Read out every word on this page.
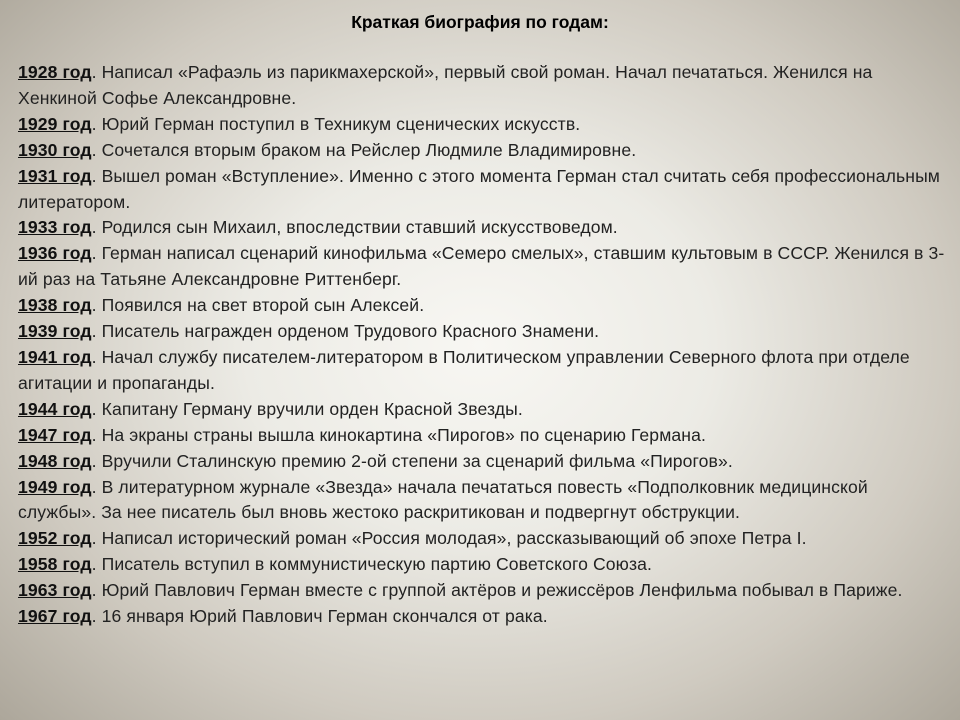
Краткая биография по годам:
1928 год. Написал «Рафаэль из парикмахерской», первый свой роман. Начал печататься. Женился на Хенкиной Софье Александровне.
1929 год. Юрий Герман поступил в Техникум сценических искусств.
1930 год. Сочетался вторым браком на Рейслер Людмиле Владимировне.
1931 год. Вышел роман «Вступление». Именно с этого момента Герман стал считать себя профессиональным литератором.
1933 год. Родился сын Михаил, впоследствии ставший искусствоведом.
1936 год. Герман написал сценарий кинофильма «Семеро смелых», ставшим культовым в СССР. Женился в 3-ий раз на Татьяне Александровне Риттенберг.
1938 год. Появился на свет второй сын Алексей.
1939 год. Писатель награжден орденом Трудового Красного Знамени.
1941 год. Начал службу писателем-литератором в Политическом управлении Северного флота при отделе агитации и пропаганды.
1944 год. Капитану Герману вручили орден Красной Звезды.
1947 год. На экраны страны вышла кинокартина «Пирогов» по сценарию Германа.
1948 год. Вручили Сталинскую премию 2-ой степени за сценарий фильма «Пирогов».
1949 год. В литературном журнале «Звезда» начала печататься повесть «Подполковник медицинской службы». За нее писатель был вновь жестоко раскритикован и подвергнут обструкции.
1952 год. Написал исторический роман «Россия молодая», рассказывающий об эпохе Петра I.
1958 год. Писатель вступил в коммунистическую партию Советского Союза.
1963 год. Юрий Павлович Герман вместе с группой актёров и режиссёров Ленфильма побывал в Париже.
1967 год. 16 января Юрий Павлович Герман скончался от рака.
